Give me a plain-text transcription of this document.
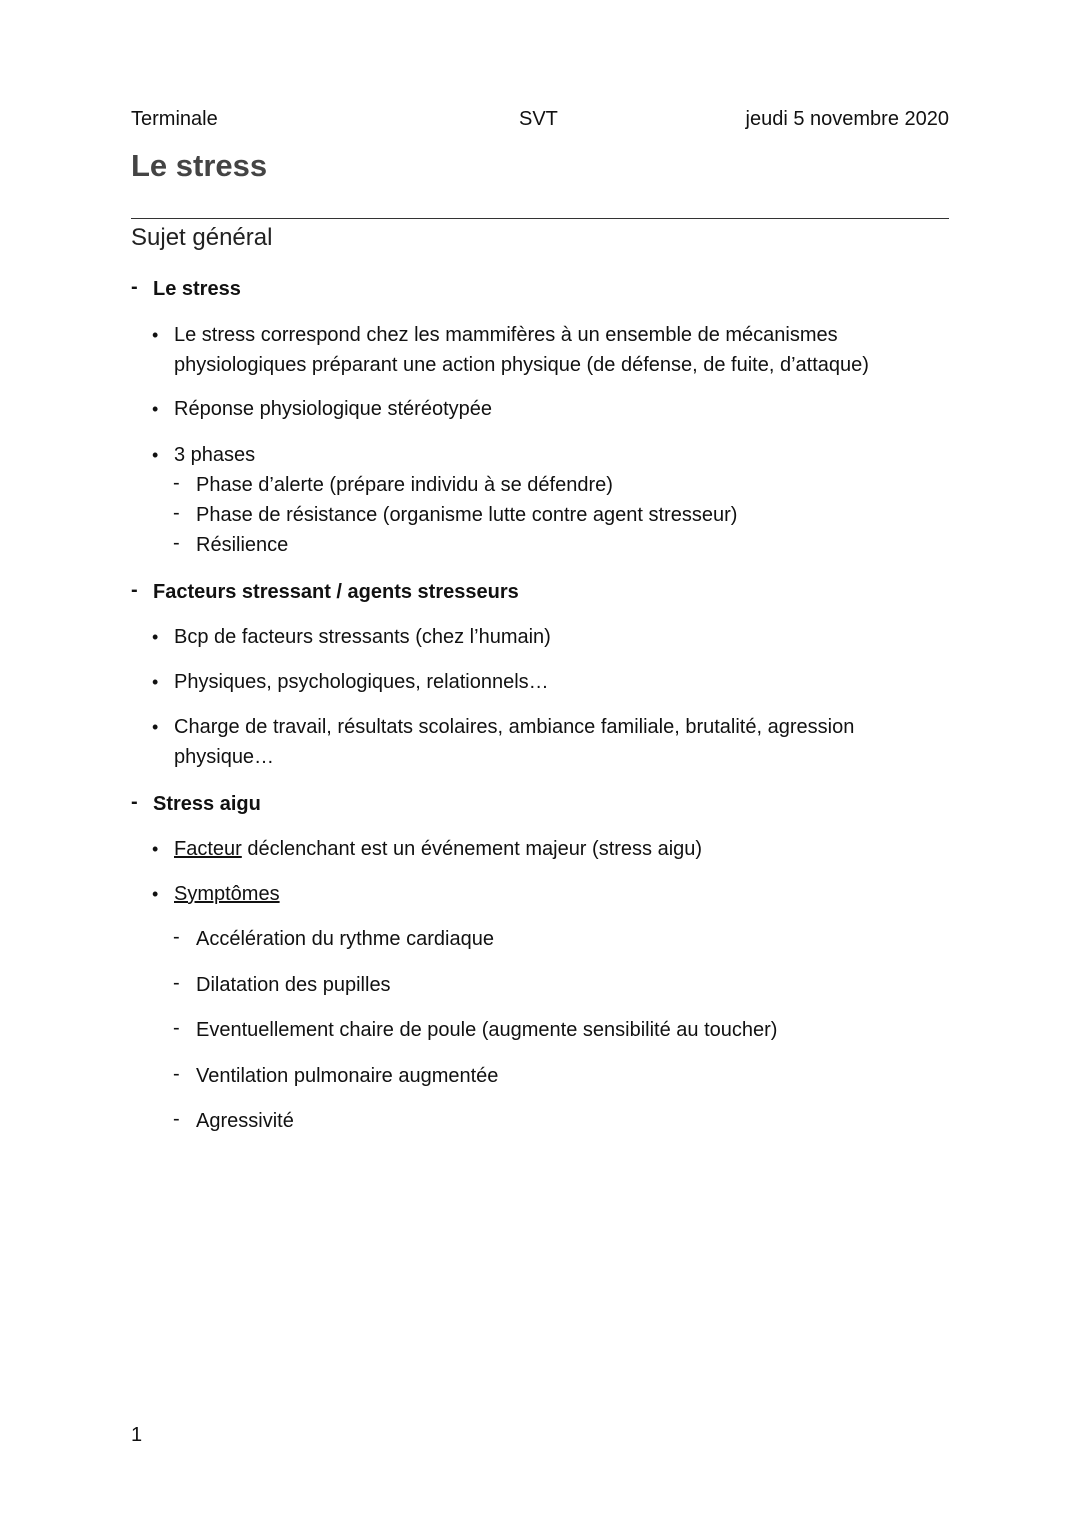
Terminale	SVT	jeudi 5 novembre 2020
Le stress
Sujet général
- Le stress
• Le stress correspond chez les mammifères à un ensemble de mécanismes physiologiques préparant une action physique (de défense, de fuite, d’attaque)
• Réponse physiologique stéréotypée
• 3 phases
- Phase d’alerte (prépare individu à se défendre)
- Phase de résistance (organisme lutte contre agent stresseur)
- Résilience
- Facteurs stressant / agents stresseurs
• Bcp de facteurs stressants (chez l’humain)
• Physiques, psychologiques, relationnels…
• Charge de travail, résultats scolaires, ambiance familiale, brutalité, agression physique…
- Stress aigu
• Facteur déclenchant est un événement majeur (stress aigu)
• Symptômes
- Accélération du rythme cardiaque
- Dilatation des pupilles
- Eventuellement chaire de poule (augmente sensibilité au toucher)
- Ventilation pulmonaire augmentée
- Agressivité
1
